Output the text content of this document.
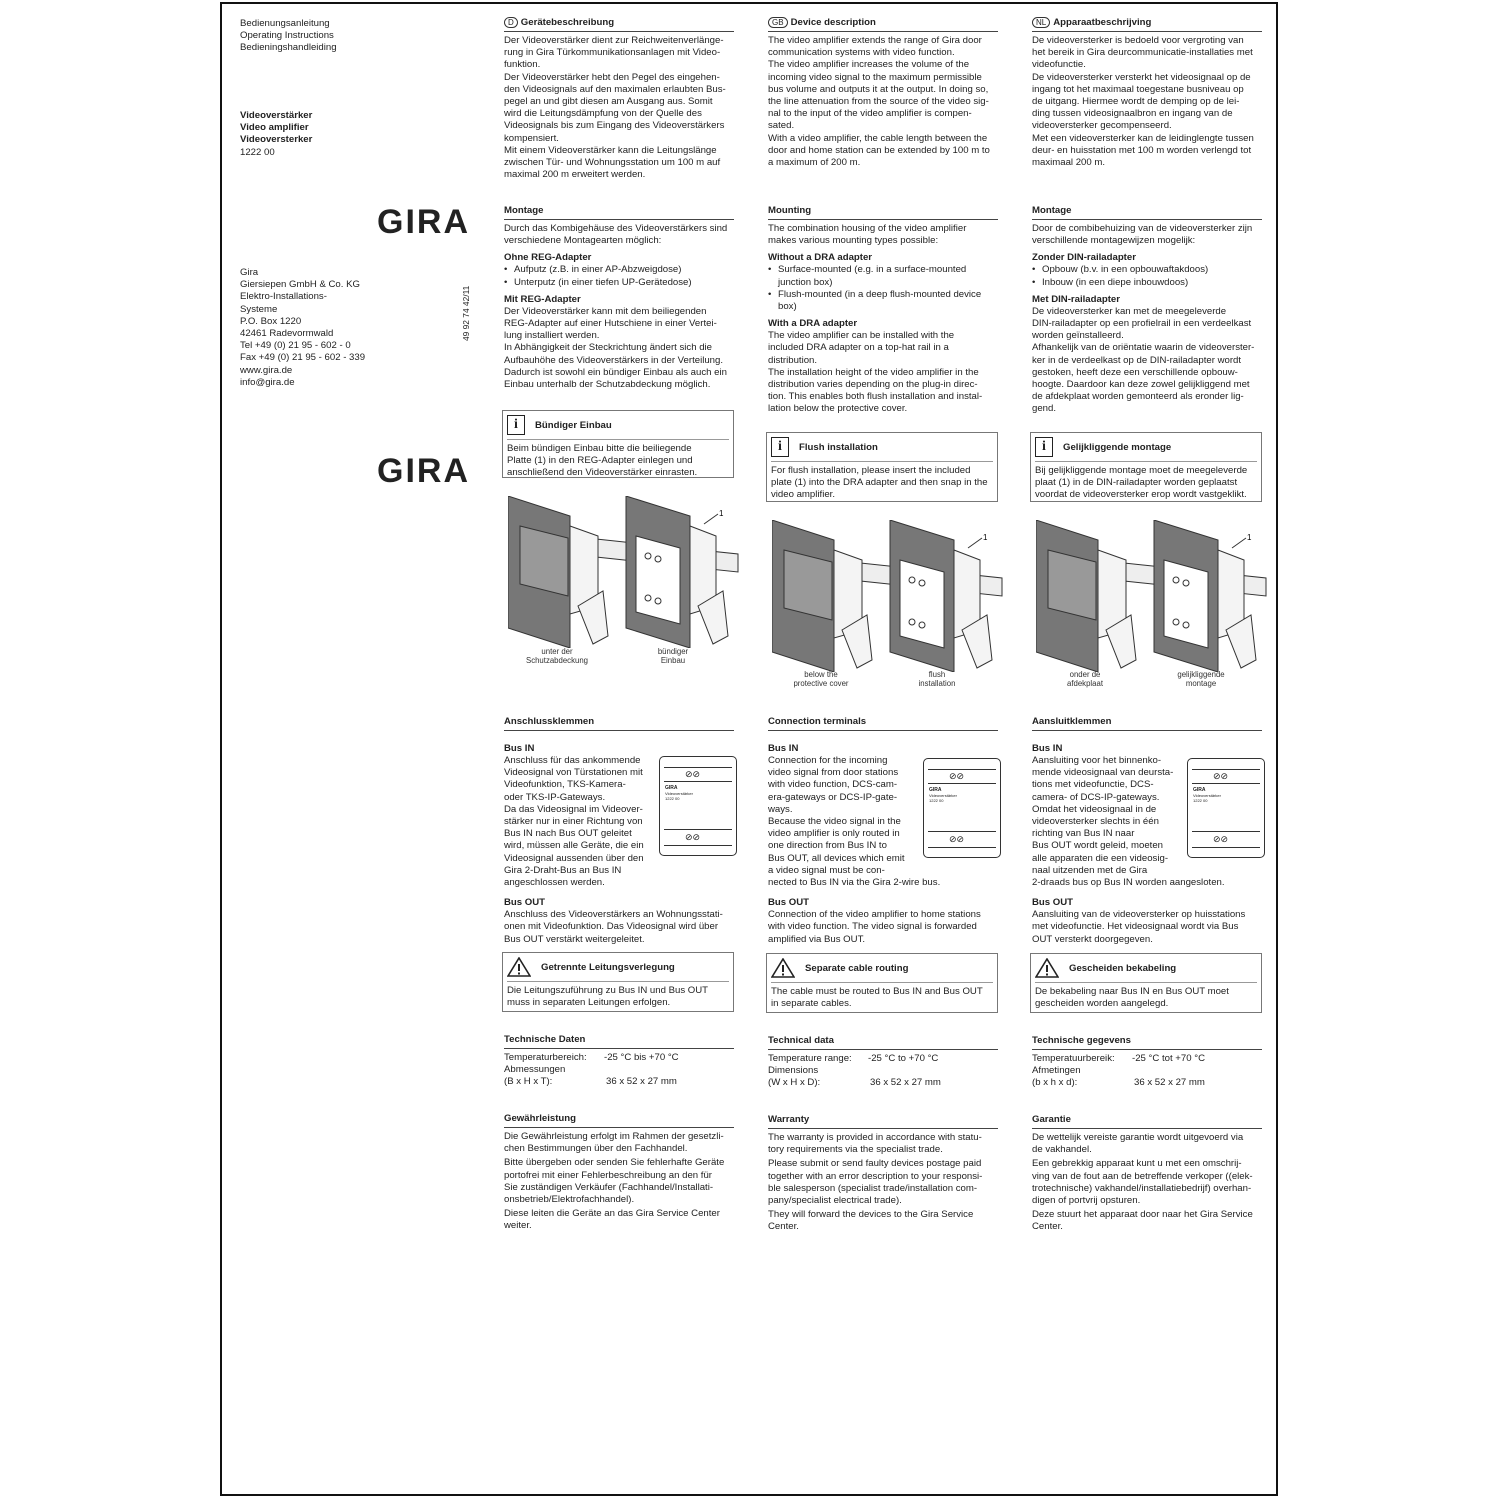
Bedienungsanleitung
Operating Instructions
Bedieningshandleiding
Videoverstärker
Video amplifier
Videoversterker
1222 00
GIRA
GIRA
Gira
Giersiepen GmbH & Co. KG
Elektro-Installations-
Systeme
P.O. Box 1220
42461 Radevormwald
Tel +49 (0) 21 95 - 602 - 0
Fax +49 (0) 21 95 - 602 - 339
www.gira.de
info@gira.de
49 92 74 42/11
D Gerätebeschreibung

Der Videoverstärker dient zur Reichweitenverlänge-

rung in Gira Türkommunikationsanlagen mit Video-

funktion.

Der Videoverstärker hebt den Pegel des eingehen-

den Videosignals auf den maximalen erlaubten Bus-

pegel an und gibt diesen am Ausgang aus. Somit

wird die Leitungsdämpfung von der Quelle des

Videosignals bis zum Eingang des Videoverstärkers

kompensiert.

Mit einem Videoverstärker kann die Leitungslänge

zwischen Tür- und Wohnungsstation um 100 m auf

maximal 200 m erweitert werden.

Montage

Durch das Kombigehäuse des Videoverstärkers sind

verschiedene Montagearten möglich:

Ohne REG-Adapter

• Aufputz (z.B. in einer AP-Abzweigdose)

• Unterputz (in einer tiefen UP-Gerätedose)

Mit REG-Adapter

Der Videoverstärker kann mit dem beiliegenden

REG-Adapter auf einer Hutschiene in einer Vertei-

lung installiert werden.

In Abhängigkeit der Steckrichtung ändert sich die

Aufbauhöhe des Videoverstärkers in der Verteilung.

Dadurch ist sowohl ein bündiger Einbau als auch ein

Einbau unterhalb der Schutzabdeckung möglich.

i	Bündiger Einbau

Beim bündigen Einbau bitte die beiliegende

Platte (1) in den REG-Adapter einlegen und

anschließend den Videoverstärker einrasten.

GB Device description

The video amplifier extends the range of Gira door

communication systems with video function.

The video amplifier increases the volume of the

incoming video signal to the maximum permissible

bus volume and outputs it at the output. In doing so,

the line attenuation from the source of the video sig-

nal to the input of the video amplifier is compen-

sated.

With a video amplifier, the cable length between the

door and home station can be extended by 100 m to

a maximum of 200 m.

Mounting

The combination housing of the video amplifier

makes various mounting types possible:

Without a DRA adapter

• Surface-mounted (e.g. in a surface-mounted junction box)

• Flush-mounted (in a deep flush-mounted device box)

With a DRA adapter

The video amplifier can be installed with the

included DRA adapter on a top-hat rail in a

distribution.

The installation height of the video amplifier in the

distribution varies depending on the plug-in direc-

tion. This enables both flush installation and instal-

lation below the protective cover.

i	Flush installation

For flush installation, please insert the included

plate (1) into the DRA adapter and then snap in the

video amplifier.

NL Apparaatbeschrijving

De videoversterker is bedoeld voor vergroting van

het bereik in Gira deurcommunicatie-installaties met

videofunctie.

De videoversterker versterkt het videosignaal op de

ingang tot het maximaal toegestane busniveau op

de uitgang. Hiermee wordt de demping op de lei-

ding tussen videosignaalbron en ingang van de

videoversterker gecompenseerd.

Met een videoversterker kan de leidinglengte tussen

deur- en huisstation met 100 m worden verlengd tot

maximaal 200 m.

Montage

Door de combibehuizing van de videoversterker zijn

verschillende montagewijzen mogelijk:

Zonder DIN-railadapter

• Opbouw (b.v. in een opbouwaftakdoos)

• Inbouw (in een diepe inbouwdoos)

Met DIN-railadapter

De videoversterker kan met de meegeleverde

DIN-railadapter op een profielrail in een verdeelkast

worden geïnstalleerd.

Afhankelijk van de oriëntatie waarin de videoverster-

ker in de verdeelkast op de DIN-railadapter wordt

gestoken, heeft deze een verschillende opbouw-

hoogte. Daardoor kan deze zowel gelijkliggend met

de afdekplaat worden gemonteerd als eronder lig-

gend.

i	Gelijkliggende montage

Bij gelijkliggende montage moet de meegeleverde

plaat (1) in de DIN-railadapter worden geplaatst

voordat de videoversterker erop wordt vastgeklikt.

1
unter der
Schutzabdeckung
bündiger
Einbau
1
below the
protective cover
flush
installation
1
onder de
afdekplaat
gelijkliggende
montage
Anschlussklemmen
Bus IN

Anschluss für das ankommende

Videosignal von Türstationen mit

Videofunktion, TKS-Kamera-

oder TKS-IP-Gateways.

Da das Videosignal im Videover-

stärker nur in einer Richtung von

Bus IN nach Bus OUT geleitet

wird, müssen alle Geräte, die ein

Videosignal aussenden über den

Gira 2-Draht-Bus an Bus IN

angeschlossen werden.

Bus OUT

Anschluss des Videoverstärkers an Wohnungsstati-

onen mit Videofunktion. Das Videosignal wird über

Bus OUT verstärkt weitergeleitet.

⊘⊘
GIRA
Videoverstärker
1222 00
⊘⊘
Getrennte Leitungsverlegung

Die Leitungszuführung zu Bus IN und Bus OUT

muss in separaten Leitungen erfolgen.

Technische Daten
Temperaturbereich:	-25 °C bis +70 °C
Abmessungen
(B x H x T):	36 x 52 x 27 mm
Gewährleistung

Die Gewährleistung erfolgt im Rahmen der gesetzli-

chen Bestimmungen über den Fachhandel.

Bitte übergeben oder senden Sie fehlerhafte Geräte

portofrei mit einer Fehlerbeschreibung an den für

Sie zuständigen Verkäufer (Fachhandel/Installati-

onsbetrieb/Elektrofachhandel).

Diese leiten die Geräte an das Gira Service Center

weiter.

Connection terminals
Bus IN

Connection for the incoming

video signal from door stations

with video function, DCS-cam-

era-gateways or DCS-IP-gate-

ways.

Because the video signal in the

video amplifier is only routed in

one direction from Bus IN to

Bus OUT, all devices which emit

a video signal must be con-

nected to Bus IN via the Gira 2-wire bus.

Bus OUT

Connection of the video amplifier to home stations

with video function. The video signal is forwarded

amplified via Bus OUT.

⊘⊘
GIRA
Videoverstärker
1222 00
⊘⊘
Separate cable routing

The cable must be routed to Bus IN and Bus OUT

in separate cables.

Technical data
Temperature range:	-25 °C to +70 °C
Dimensions
(W x H x D):	36 x 52 x 27 mm
Warranty

The warranty is provided in accordance with statu-

tory requirements via the specialist trade.

Please submit or send faulty devices postage paid

together with an error description to your responsi-

ble salesperson (specialist trade/installation com-

pany/specialist electrical trade).

They will forward the devices to the Gira Service

Center.

Aansluitklemmen
Bus IN

Aansluiting voor het binnenko-

mende videosignaal van deursta-

tions met videofunctie, DCS-

camera- of DCS-IP-gateways.

Omdat het videosignaal in de

videoversterker slechts in één

richting van Bus IN naar

Bus OUT wordt geleid, moeten

alle apparaten die een videosig-

naal uitzenden met de Gira

2-draads bus op Bus IN worden aangesloten.

Bus OUT

Aansluiting van de videoversterker op huisstations

met videofunctie. Het videosignaal wordt via Bus

OUT versterkt doorgegeven.

⊘⊘
GIRA
Videoverstärker
1222 00
⊘⊘
Gescheiden bekabeling

De bekabeling naar Bus IN en Bus OUT moet

gescheiden worden aangelegd.

Technische gegevens
Temperatuurbereik:	-25 °C tot +70 °C
Afmetingen
(b x h x d):	36 x 52 x 27 mm
Garantie

De wettelijk vereiste garantie wordt uitgevoerd via

de vakhandel.

Een gebrekkig apparaat kunt u met een omschrij-

ving van de fout aan de betreffende verkoper ((elek-

trotechnische) vakhandel/installatiebedrijf) overhan-

digen of portvrij opsturen.

Deze stuurt het apparaat door naar het Gira Service

Center.
